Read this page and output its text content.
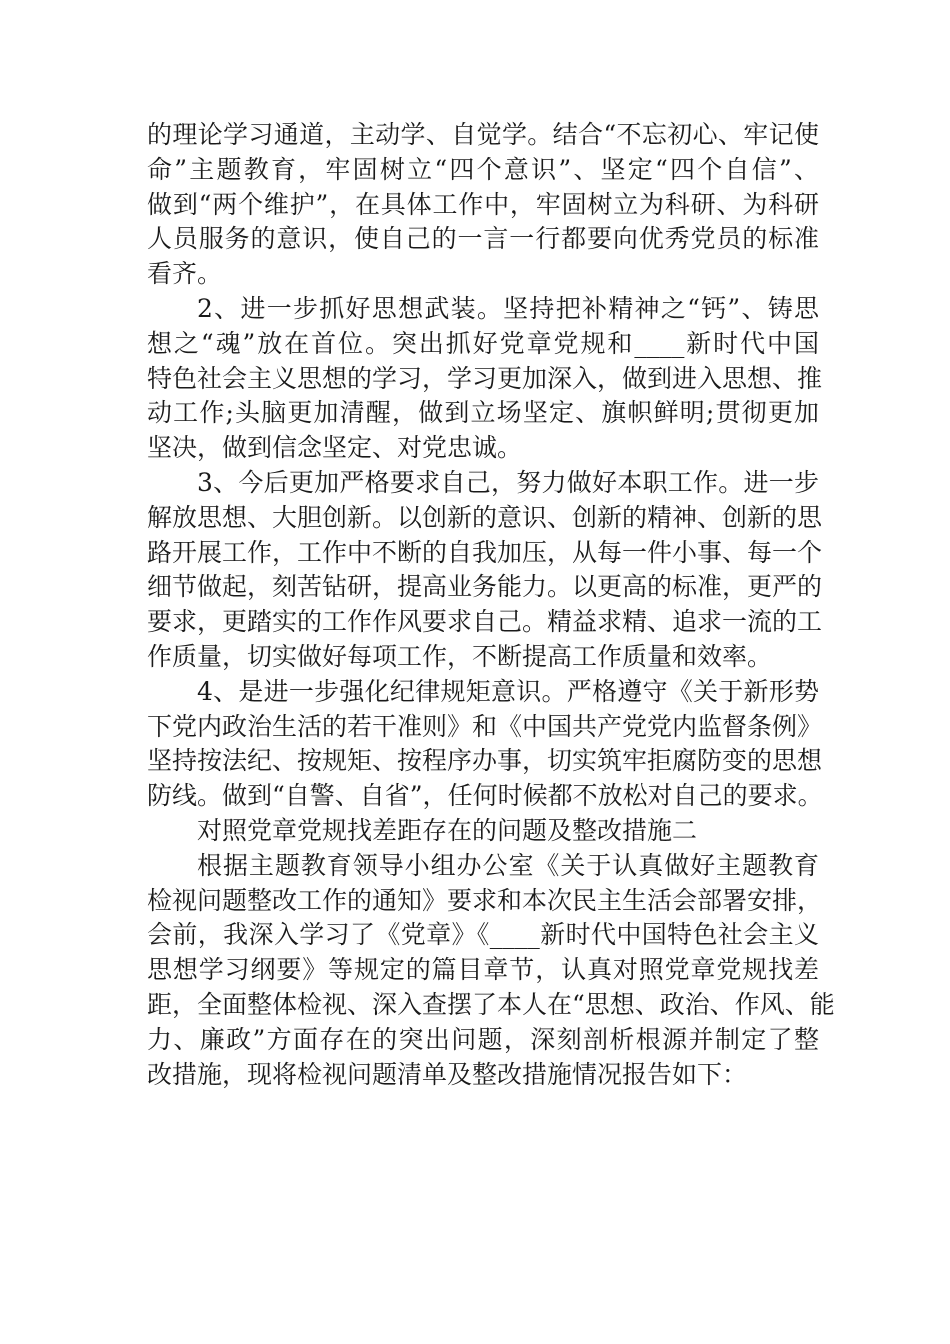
的理论学习通道，主动学、自觉学。结合“不忘初心、牢记使
命”主题教育，牢固树立“四个意识”、坚定“四个自信”、
做到“两个维护”，在具体工作中，牢固树立为科研、为科研
人员服务的意识，使自己的一言一行都要向优秀党员的标准
看齐。
2、进一步抓好思想武装。坚持把补精神之“钙”、铸思
想之“魂”放在首位。突出抓好党章党规和____新时代中国
特色社会主义思想的学习，学习更加深入，做到进入思想、推
动工作;头脑更加清醒，做到立场坚定、旗帜鲜明;贯彻更加
坚决，做到信念坚定、对党忠诚。
3、今后更加严格要求自己，努力做好本职工作。进一步
解放思想、大胆创新。以创新的意识、创新的精神、创新的思
路开展工作，工作中不断的自我加压，从每一件小事、每一个
细节做起，刻苦钻研，提高业务能力。以更高的标准，更严的
要求，更踏实的工作作风要求自己。精益求精、追求一流的工
作质量，切实做好每项工作，不断提高工作质量和效率。
4、是进一步强化纪律规矩意识。严格遵守《关于新形势
下党内政治生活的若干准则》和《中国共产党党内监督条例》
坚持按法纪、按规矩、按程序办事，切实筑牢拒腐防变的思想
防线。做到“自警、自省”，任何时候都不放松对自己的要求。
对照党章党规找差距存在的问题及整改措施二
根据主题教育领导小组办公室《关于认真做好主题教育
检视问题整改工作的通知》要求和本次民主生活会部署安排，
会前，我深入学习了《党章》《____新时代中国特色社会主义
思想学习纲要》等规定的篇目章节，认真对照党章党规找差
距，全面整体检视、深入查摆了本人在“思想、政治、作风、能
力、廉政”方面存在的突出问题，深刻剖析根源并制定了整
改措施，现将检视问题清单及整改措施情况报告如下：
